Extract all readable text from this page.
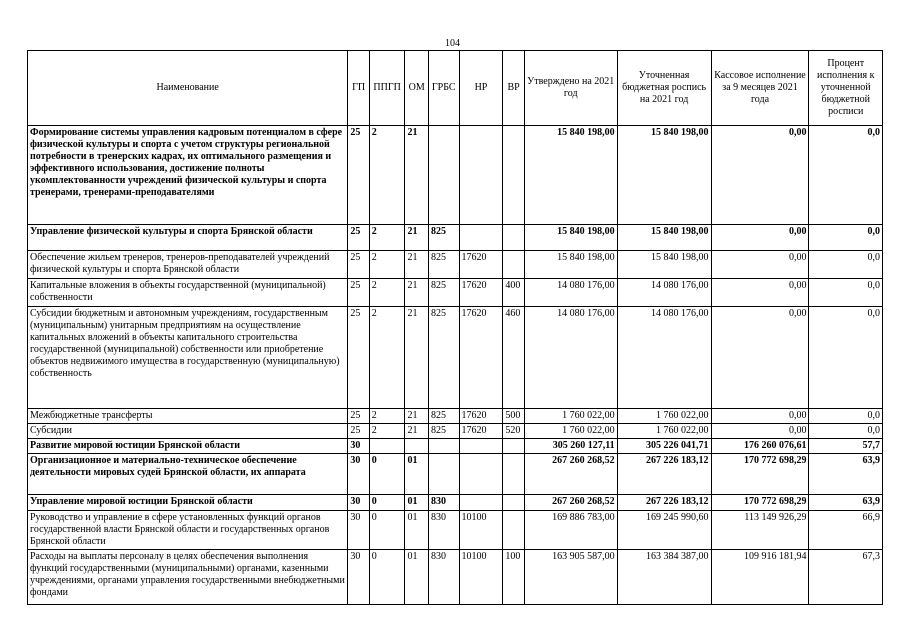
104
Наименование	ГП	ППГП	ОМ	ГРБС	НР	ВР	Утверждено на 2021 год	Уточненная бюджетная роспись на 2021 год	Кассовое исполнение за 9 месяцев 2021 года	Процент исполнения к уточненной бюджетной росписи
Формирование системы управления кадровым потенциалом в сфере физической культуры и спорта с учетом структуры региональной потребности в тренерских кадрах, их оптимального размещения и эффективного использования, достижение полноты укомплектованности учреждений физической культуры и спорта тренерами, тренерами-преподавателями	25	2	21				15 840 198,00	15 840 198,00	0,00	0,0
Управление физической культуры и спорта Брянской области	25	2	21	825			15 840 198,00	15 840 198,00	0,00	0,0
Обеспечение жильем тренеров, тренеров-преподавателей учреждений физической культуры и спорта Брянской области	25	2	21	825	17620		15 840 198,00	15 840 198,00	0,00	0,0
Капитальные вложения в объекты государственной (муниципальной) собственности	25	2	21	825	17620	400	14 080 176,00	14 080 176,00	0,00	0,0
Субсидии бюджетным и автономным учреждениям, государственным (муниципальным) унитарным предприятиям на осуществление капитальных вложений в объекты капитального строительства государственной (муниципальной) собственности или приобретение объектов недвижимого имущества в государственную (муниципальную) собственность	25	2	21	825	17620	460	14 080 176,00	14 080 176,00	0,00	0,0
Межбюджетные трансферты	25	2	21	825	17620	500	1 760 022,00	1 760 022,00	0,00	0,0
Субсидии	25	2	21	825	17620	520	1 760 022,00	1 760 022,00	0,00	0,0
Развитие мировой юстиции Брянской области	30						305 260 127,11	305 226 041,71	176 260 076,61	57,7
Организационное и материально-техническое обеспечение деятельности мировых судей Брянской области, их аппарата	30	0	01				267 260 268,52	267 226 183,12	170 772 698,29	63,9
Управление мировой юстиции Брянской области	30	0	01	830			267 260 268,52	267 226 183,12	170 772 698,29	63,9
Руководство и управление в сфере установленных функций органов государственной власти Брянской области и государственных органов Брянской области	30	0	01	830	10100		169 886 783,00	169 245 990,60	113 149 926,29	66,9
Расходы на выплаты персоналу в целях обеспечения выполнения функций государственными (муниципальными) органами, казенными учреждениями, органами управления государственными внебюджетными фондами	30	0	01	830	10100	100	163 905 587,00	163 384 387,00	109 916 181,94	67,3
